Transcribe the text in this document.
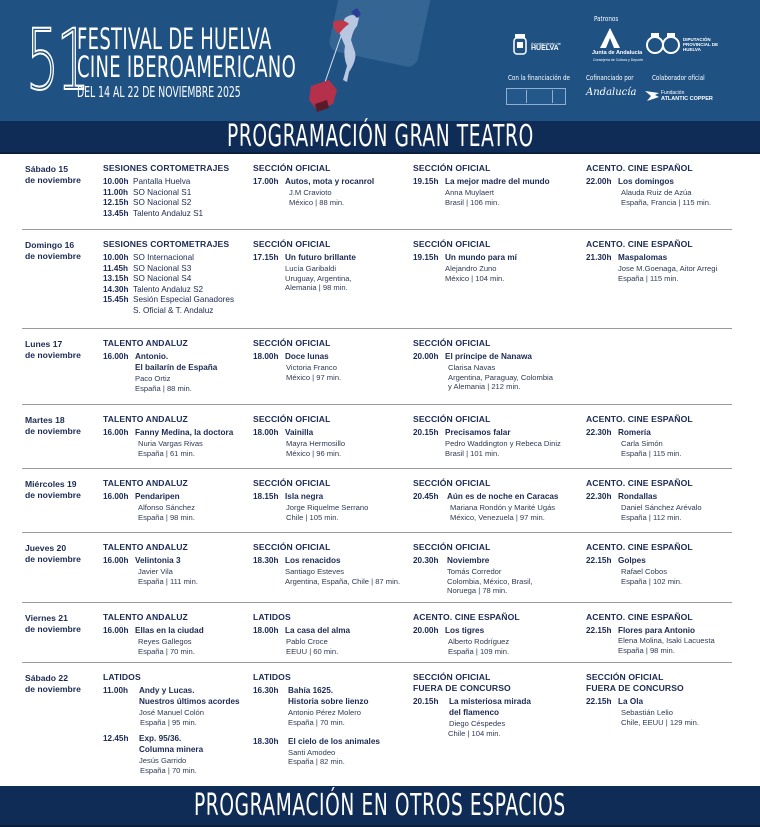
51
FESTIVAL DE HUELVA
CINE IBEROAMERICANO
DEL 14 AL 22 DE NOVIEMBRE 2025
Patronos
Ayuntamiento de
HUELVA
Junta de Andalucía
Consejería de Cultura y Deporte
DIPUTACIÓN PROVINCIAL DE HUELVA
Con la financiación de Cofinanciado por	Colaborador oficial
Andalucía	Fundación
ATLANTIC COPPER
PROGRAMACIÓN GRAN TEATRO
Sábado 15
de noviembre
SESIONES CORTOMETRAJES
10.00h Pantalla Huelva
11.00h SO Nacional S1
12.15h SO Nacional S2
13.45h Talento Andaluz S1
SECCIÓN OFICIAL
17.00h Autos, mota y rocanrol
J.M Cravioto
México | 88 min.
SECCIÓN OFICIAL
19.15h La mejor madre del mundo
Anna Muylaert
Brasil | 106 min.
ACENTO. CINE ESPAÑOL
22.00h Los domingos
Alauda Ruiz de Azúa
España, Francia | 115 min.
Domingo 16
de noviembre
SESIONES CORTOMETRAJES
10.00h SO Internacional
11.45h SO Nacional S3
13.15h SO Nacional S4
14.30h Talento Andaluz S2
15.45h Sesión Especial Ganadores
S. Oficial & T. Andaluz
SECCIÓN OFICIAL
17.15h Un futuro brillante
Lucía Garibaldi
Uruguay, Argentina,
Alemania | 98 min.
SECCIÓN OFICIAL
19.15h Un mundo para mí
Alejandro Zuno
México | 104 min.
ACENTO. CINE ESPAÑOL
21.30h Maspalomas
Jose M.Goenaga, Aitor Arregi
España | 115 min.
Lunes 17
de noviembre
TALENTO ANDALUZ
16.00h Antonio.
El bailarín de España
Paco Ortiz
España | 88 min.
SECCIÓN OFICIAL
18.00h Doce lunas
Victoria Franco
México | 97 min.
SECCIÓN OFICIAL
20.00h El príncipe de Nanawa
Clarisa Navas
Argentina, Paraguay, Colombia
y Alemania | 212 min.
Martes 18
de noviembre
TALENTO ANDALUZ
16.00h Fanny Medina, la doctora
Nuria Vargas Rivas
España | 61 min.
SECCIÓN OFICIAL
18.00h Vainilla
Mayra Hermosillo
México | 96 min.
SECCIÓN OFICIAL
20.15h Precisamos falar
Pedro Waddington y Rebeca Diniz
Brasil | 101 min.
ACENTO. CINE ESPAÑOL
22.30h Romería
Carla Simón
España | 115 min.
Miércoles 19
de noviembre
TALENTO ANDALUZ
16.00h Pendaripen
Alfonso Sánchez
España | 98 min.
SECCIÓN OFICIAL
18.15h Isla negra
Jorge Riquelme Serrano
Chile | 105 min.
SECCIÓN OFICIAL
20.45h Aún es de noche en Caracas
Mariana Rondón y Marité Ugás
México, Venezuela | 97 min.
ACENTO. CINE ESPAÑOL
22.30h Rondallas
Daniel Sánchez Arévalo
España | 112 min.
Jueves 20
de noviembre
TALENTO ANDALUZ
16.00h Velintonia 3
Javier Vila
España | 111 min.
SECCIÓN OFICIAL
18.30h Los renacidos
Santiago Esteves
Argentina, España, Chile | 87 min.
SECCIÓN OFICIAL
20.30h Noviembre
Tomás Corredor
Colombia, México, Brasil,
Noruega | 78 min.
ACENTO. CINE ESPAÑOL
22.15h Golpes
Rafael Cobos
España | 102 min.
Viernes 21
de noviembre
TALENTO ANDALUZ
16.00h Ellas en la ciudad
Reyes Gallegos
España | 70 min.
LATIDOS
18.00h La casa del alma
Pablo Croce
EEUU | 60 min.
ACENTO. CINE ESPAÑOL
20.00h Los tigres
Alberto Rodríguez
España | 109 min.
ACENTO. CINE ESPAÑOL
22.15h Flores para Antonio
Elena Molina, Isaki Lacuesta
España | 98 min.
Sábado 22
de noviembre
LATIDOS
11.00h Andy y Lucas.
Nuestros últimos acordes
José Manuel Colón
España | 95 min.
12.45h Exp. 95/36.
Columna minera
Jesús Garrido
España | 70 min.
LATIDOS
16.30h Bahía 1625.
Historia sobre lienzo
Antonio Pérez Molero
España | 70 min.
18.30h El cielo de los animales
Santi Amodeo
España | 82 min.
SECCIÓN OFICIAL
FUERA DE CONCURSO
20.15h La misteriosa mirada
del flamenco
Diego Céspedes
Chile | 104 min.
SECCIÓN OFICIAL
FUERA DE CONCURSO
22.15h La Ola
Sebastián Lelio
Chile, EEUU | 129 min.
PROGRAMACIÓN EN OTROS ESPACIOS
